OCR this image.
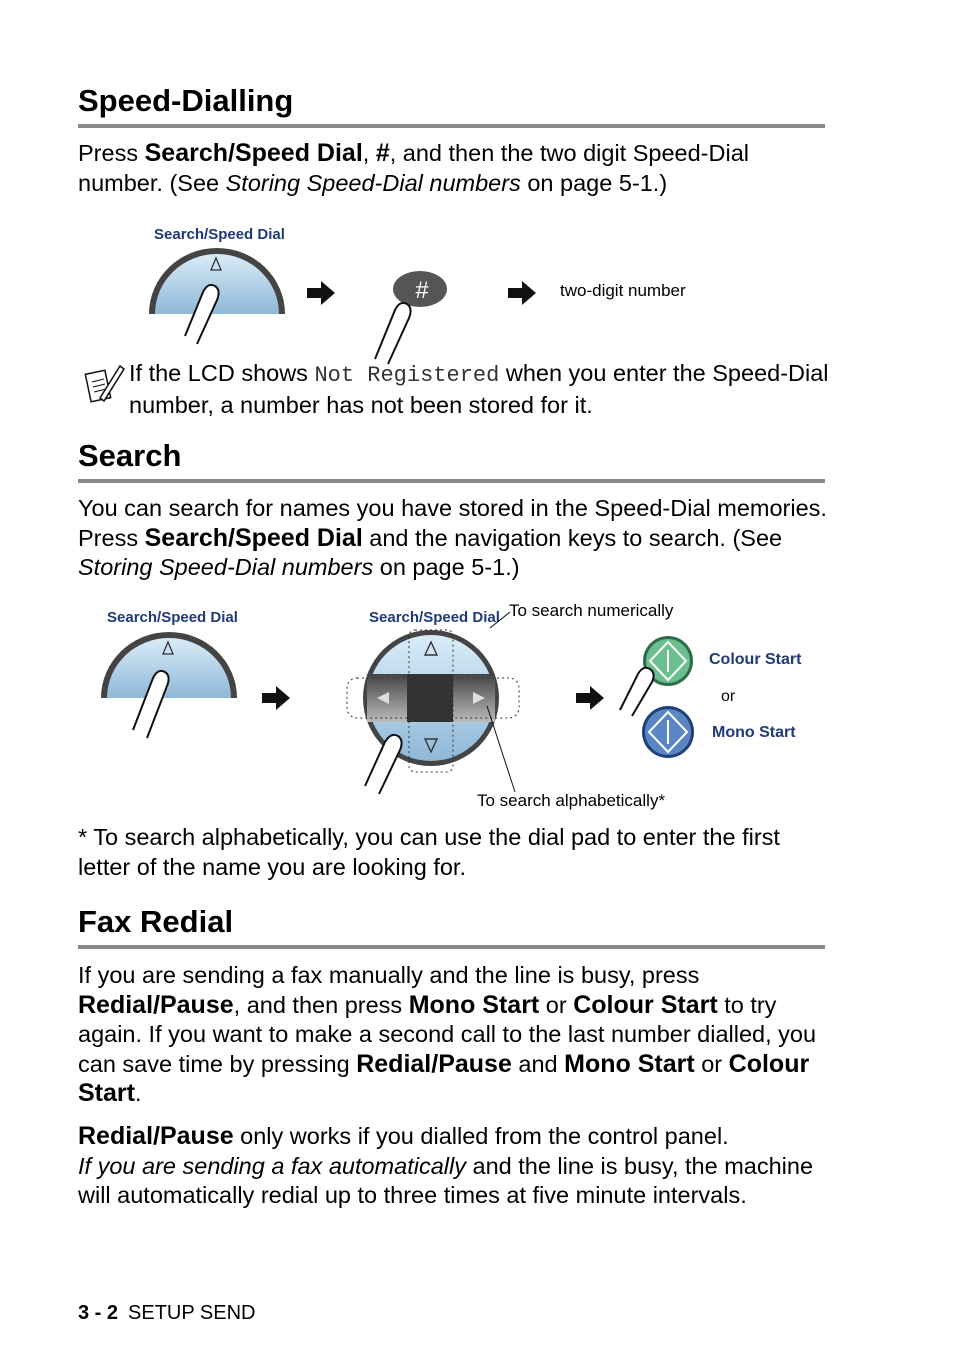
Speed-Dialling

Press Search/Speed Dial, #, and then the two digit Speed-Dial number. (See Storing Speed-Dial numbers on page 5-1.)

Search/Speed Dial
#	two-digit number

If the LCD shows Not Registered when you enter the Speed-Dial number, a number has not been stored for it.

Search

You can search for names you have stored in the Speed-Dial memories. Press Search/Speed Dial and the navigation keys to search. (See Storing Speed-Dial numbers on page 5-1.)

Search/Speed Dial	Search/Speed Dial To search numerically
To search alphabetically*
Colour Start
or
Mono Start

* To search alphabetically, you can use the dial pad to enter the first letter of the name you are looking for.

Fax Redial

If you are sending a fax manually and the line is busy, press Redial/Pause, and then press Mono Start or Colour Start to try again. If you want to make a second call to the last number dialled, you can save time by pressing Redial/Pause and Mono Start or Colour Start.

Redial/Pause only works if you dialled from the control panel.
If you are sending a fax automatically and the line is busy, the machine will automatically redial up to three times at five minute intervals.

3 - 2 SETUP SEND
